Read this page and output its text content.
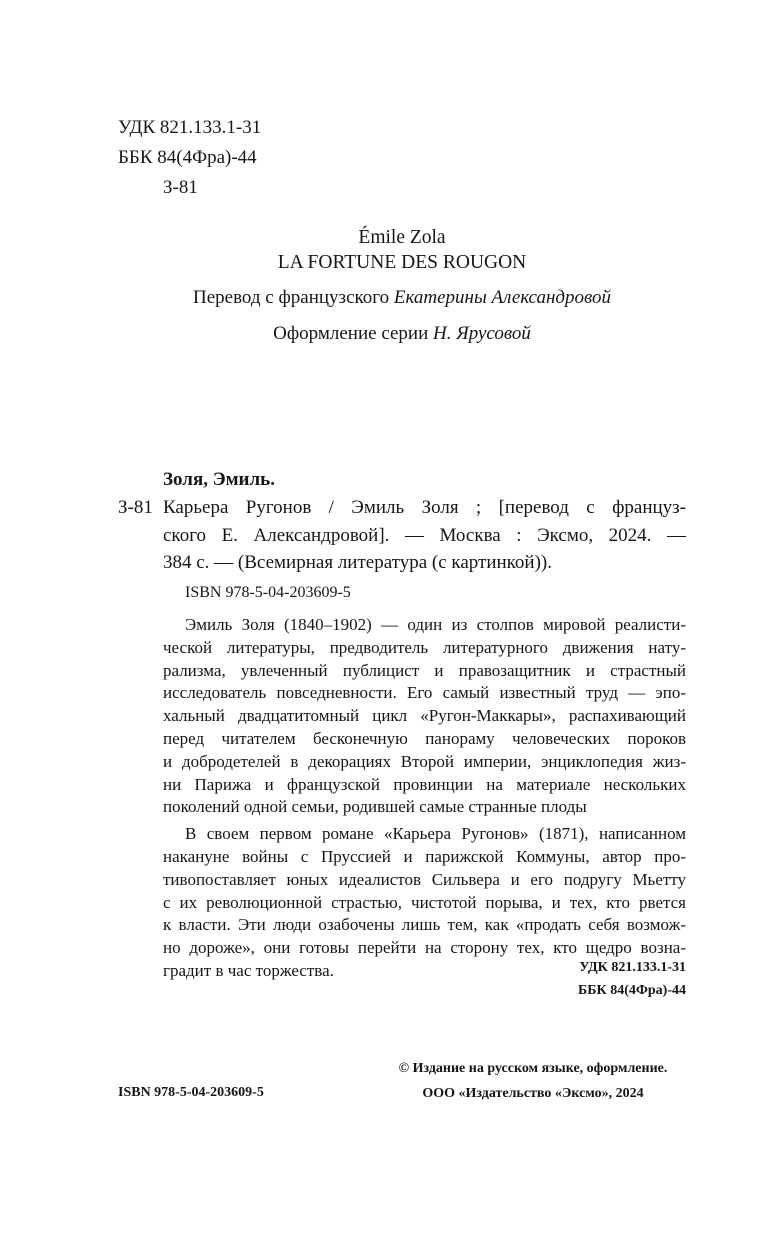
УДК 821.133.1-31
ББК 84(4Фра)-44
З-81
Émile Zola
LA FORTUNE DES ROUGON
Перевод с французского Екатерины Александровой
Оформление серии Н. Ярусовой
Золя, Эмиль.
З-81 Карьера Ругонов / Эмиль Золя ; [перевод с француз-
ского Е. Александровой]. — Москва : Эксмо, 2024. —
384 с. — (Всемирная литература (с картинкой)).
ISBN 978-5-04-203609-5
Эмиль Золя (1840–1902) — один из столпов мировой реалисти-
ческой литературы, предводитель литературного движения нату-
рализма, увлеченный публицист и правозащитник и страстный
исследователь повседневности. Его самый известный труд — эпо-
хальный двадцатитомный цикл «Ругон-Маккары», распахивающий
перед читателем бесконечную панораму человеческих пороков
и добродетелей в декорациях Второй империи, энциклопедия жиз-
ни Парижа и французской провинции на материале нескольких
поколений одной семьи, родившей самые странные плоды
В своем первом романе «Карьера Ругонов» (1871), написанном
накануне войны с Пруссией и парижской Коммуны, автор про-
тивопоставляет юных идеалистов Сильвера и его подругу Мьетту
с их революционной страстью, чистотой порыва, и тех, кто рвется
к власти. Эти люди озабочены лишь тем, как «продать себя возмож-
но дороже», они готовы перейти на сторону тех, кто щедро возна-
градит в час торжества.	УДК 821.133.1-31
ББК 84(4Фра)-44
ISBN 978-5-04-203609-5
© Издание на русском языке, оформление.
ООО «Издательство «Эксмо», 2024
